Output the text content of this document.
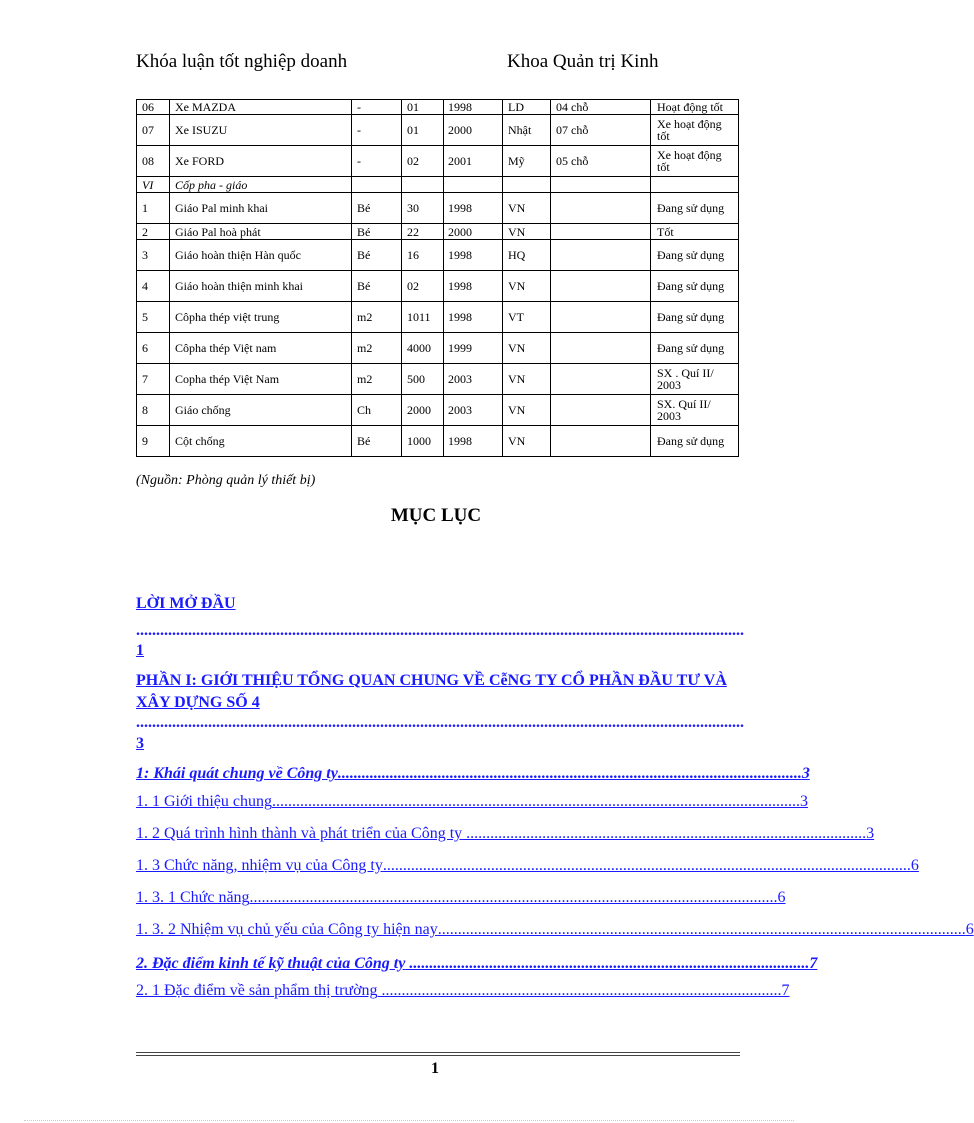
Khóa luận tốt nghiệp doanh	Khoa Quản trị Kinh
06	Xe MAZDA	-	01	1998	LD	04 chỗ	Hoạt động tốt
07	Xe ISUZU	-	01	2000	Nhật	07 chỗ	Xe hoạt động tốt
08	Xe FORD	-	02	2001	Mỹ	05 chỗ	Xe hoạt động tốt
VI	Cốp pha - giáo						
1	Giáo Pal minh khai	Bé	30	1998	VN		Đang sử dụng
2	Giáo Pal hoà phát	Bé	22	2000	VN		Tốt
3	Giáo hoàn thiện Hàn quốc	Bé	16	1998	HQ		Đang sử dụng
4	Giáo hoàn thiện minh khai	Bé	02	1998	VN		Đang sử dụng
5	Côpha thép việt trung	m2	1011	1998	VT		Đang sử dụng
6	Côpha thép Việt nam	m2	4000	1999	VN		Đang sử dụng
7	Copha thép Việt Nam	m2	500	2003	VN		SX . Quí II/ 2003
8	Giáo chống	Ch	2000	2003	VN		SX. Quí II/ 2003
9	Cột chống	Bé	1000	1998	VN		Đang sử dụng
(Nguồn: Phòng quản lý thiết bị)
MỤC LỤC
LỜI MỞ ĐẦU
........................................................................................................................................................
1
PHẦN I: GIỚI THIỆU TỔNG QUAN CHUNG VỀ CễNG TY CỔ PHẦN ĐẦU TƯ VÀ XÂY DỰNG SỐ 4
........................................................................................................................................................
3
1: Khái quát chung về Công ty .................................................................................................................... 3
1. 1 Giới thiệu chung .................................................................................................................................... 3
1. 2 Quá trình hình thành và phát triển của Công ty .................................................................................................... 3
1. 3 Chức năng, nhiệm vụ của Công ty .................................................................................................................................... 6
1. 3. 1 Chức năng .................................................................................................................................... 6
1. 3. 2 Nhiệm vụ chủ yếu của Công ty hiện nay .................................................................................................................................... 6
2. Đặc điểm kinh tế kỹ thuật của Công ty .................................................................................................... 7
2. 1 Đặc điểm về sản phẩm thị trường .................................................................................................... 7
1
